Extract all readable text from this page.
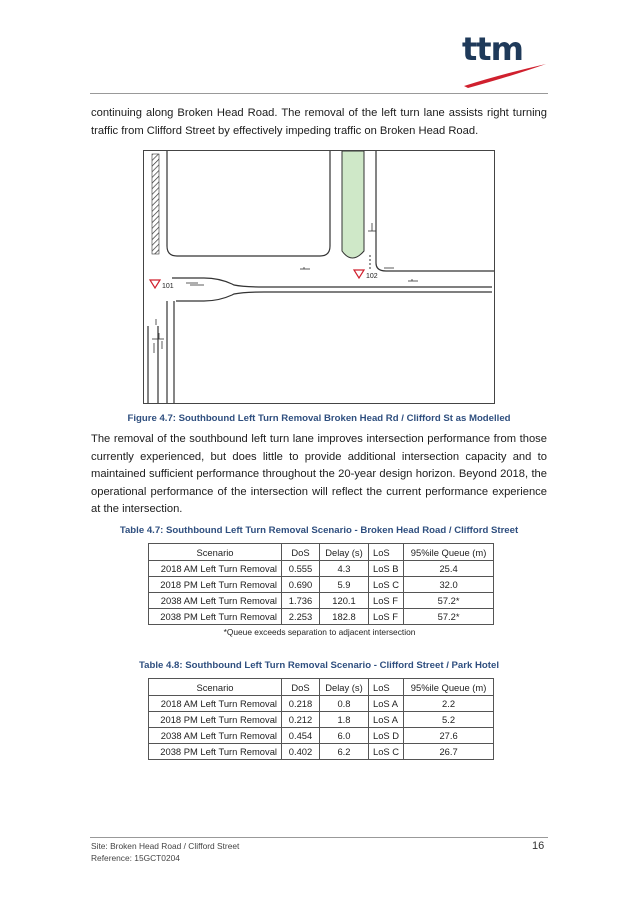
ttm

continuing along Broken Head Road. The removal of the left turn lane assists right turning traffic from Clifford Street by effectively impeding traffic on Broken Head Road.

101
102
Figure 4.7: Southbound Left Turn Removal Broken Head Rd / Clifford St as Modelled

The removal of the southbound left turn lane improves intersection performance from those currently experienced, but does little to provide additional intersection capacity and to maintained sufficient performance throughout the 20-year design horizon. Beyond 2018, the operational performance of the intersection will reflect the current performance experience at the intersection.

Table 4.7: Southbound Left Turn Removal Scenario - Broken Head Road / Clifford Street
Scenario	DoS	Delay (s)	LoS	95%ile Queue (m)
2018 AM Left Turn Removal	0.555	4.3	LoS B	25.4
2018 PM Left Turn Removal	0.690	5.9	LoS C	32.0
2038 AM Left Turn Removal	1.736	120.1	LoS F	57.2*
2038 PM Left Turn Removal	2.253	182.8	LoS F	57.2*
*Queue exceeds separation to adjacent intersection
Table 4.8: Southbound Left Turn Removal Scenario - Clifford Street / Park Hotel
Scenario	DoS	Delay (s)	LoS	95%ile Queue (m)
2018 AM Left Turn Removal	0.218	0.8	LoS A	2.2
2018 PM Left Turn Removal	0.212	1.8	LoS A	5.2
2038 AM Left Turn Removal	0.454	6.0	LoS D	27.6
2038 PM Left Turn Removal	0.402	6.2	LoS C	26.7
Site: Broken Head Road / Clifford Street
Reference: 15GCT0204
16
